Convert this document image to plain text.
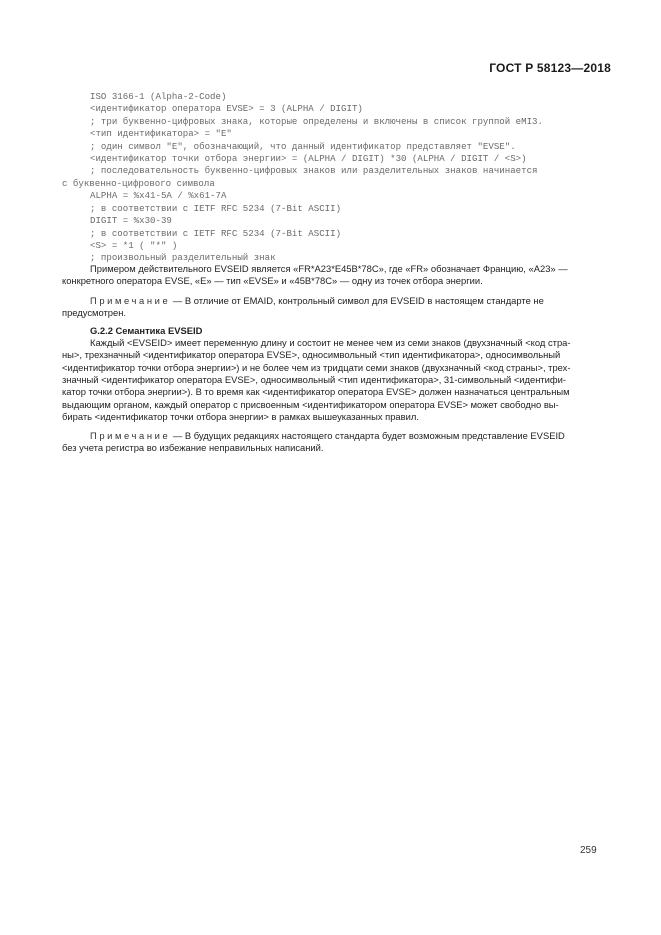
ГОСТ Р 58123—2018
ISO 3166-1 (Alpha-2-Code)
<идентификатор оператора EVSE> = 3 (ALPHA / DIGIT)
; три буквенно-цифровых знака, которые определены и включены в список группой eMI3.
<тип идентификатора> = "E"
; один символ "E", обозначающий, что данный идентификатор представляет "EVSE".
<идентификатор точки отбора энергии> = (ALPHA / DIGIT) *30 (ALPHA / DIGIT / <S>)
; последовательность буквенно-цифровых знаков или разделительных знаков начинается
с буквенно-цифрового символа
ALPHA = %x41-5A / %x61-7A
; в соответствии с IETF RFC 5234 (7-Bit ASCII)
DIGIT = %x30-39
; в соответствии с IETF RFC 5234 (7-Bit ASCII)
<S> = *1 ( "*" )
; произвольный разделительный знак
Примером действительного EVSEID является «FR*A23*E45B*78C», где «FR» обозначает Францию, «A23» —
конкретного оператора EVSE, «E» — тип «EVSE» и «45B*78C» — одну из точек отбора энергии.
Примечание — В отличие от EMAID, контрольный символ для EVSEID в настоящем стандарте не
предусмотрен.
G.2.2 Семантика EVSEID
Каждый <EVSEID> имеет переменную длину и состоит не менее чем из семи знаков (двухзначный <код стра-
ны>, трехзначный <идентификатор оператора EVSE>, односимвольный <тип идентификатора>, односимвольный
<идентификатор точки отбора энергии>) и не более чем из тридцати семи знаков (двухзначный <код страны>, трех-
значный <идентификатор оператора EVSE>, односимвольный <тип идентификатора>, 31-символьный <идентифи-
катор точки отбора энергии>). В то время как <идентификатор оператора EVSE> должен назначаться центральным
выдающим органом, каждый оператор с присвоенным <идентификатором оператора EVSE> может свободно вы-
бирать <идентификатор точки отбора энергии> в рамках вышеуказанных правил.
Примечание — В будущих редакциях настоящего стандарта будет возможным представление EVSEID
без учета регистра во избежание неправильных написаний.
259
